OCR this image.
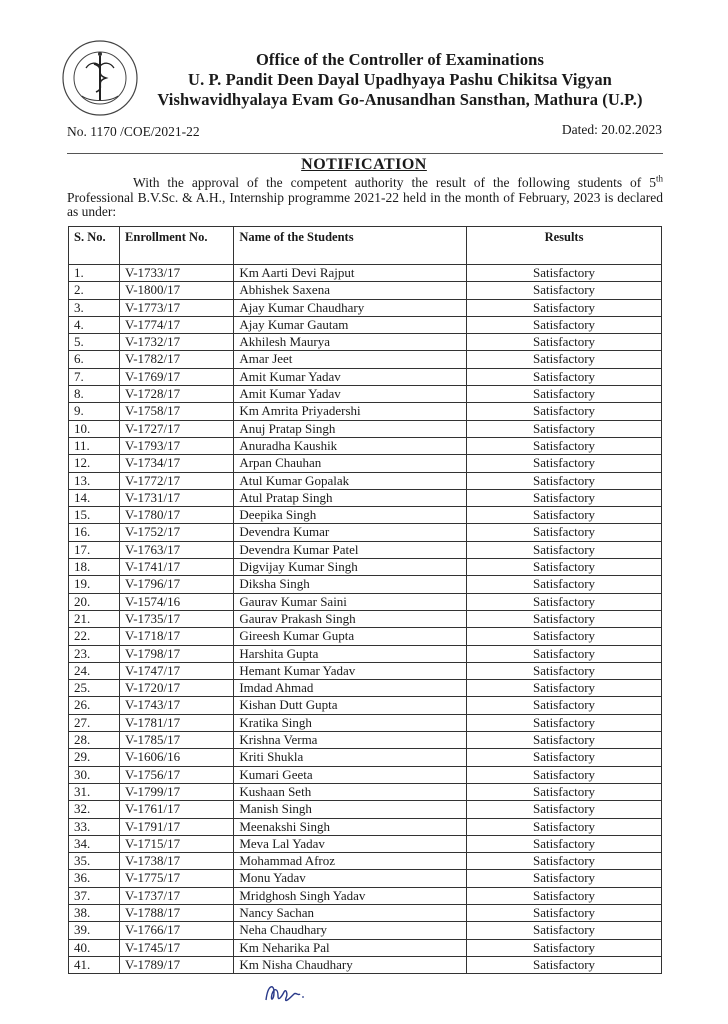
Office of the Controller of Examinations
U. P. Pandit Deen Dayal Upadhyaya Pashu Chikitsa Vigyan
Vishwavidhyalaya Evam Go-Anusandhan Sansthan, Mathura (U.P.)
No. 1170 /COE/2021-22	Dated: 20.02.2023
NOTIFICATION
With the approval of the competent authority the result of the following students of 5th Professional B.V.Sc. & A.H., Internship programme 2021-22 held in the month of February, 2023 is declared as under:
S. No.	Enrollment No.	Name of the Students	Results
1.	V-1733/17	Km Aarti Devi Rajput	Satisfactory
2.	V-1800/17	Abhishek Saxena	Satisfactory
3.	V-1773/17	Ajay Kumar Chaudhary	Satisfactory
4.	V-1774/17	Ajay Kumar Gautam	Satisfactory
5.	V-1732/17	Akhilesh Maurya	Satisfactory
6.	V-1782/17	Amar Jeet	Satisfactory
7.	V-1769/17	Amit Kumar Yadav	Satisfactory
8.	V-1728/17	Amit Kumar Yadav	Satisfactory
9.	V-1758/17	Km Amrita Priyadershi	Satisfactory
10.	V-1727/17	Anuj Pratap Singh	Satisfactory
11.	V-1793/17	Anuradha Kaushik	Satisfactory
12.	V-1734/17	Arpan Chauhan	Satisfactory
13.	V-1772/17	Atul Kumar Gopalak	Satisfactory
14.	V-1731/17	Atul Pratap Singh	Satisfactory
15.	V-1780/17	Deepika Singh	Satisfactory
16.	V-1752/17	Devendra Kumar	Satisfactory
17.	V-1763/17	Devendra Kumar Patel	Satisfactory
18.	V-1741/17	Digvijay Kumar Singh	Satisfactory
19.	V-1796/17	Diksha Singh	Satisfactory
20.	V-1574/16	Gaurav Kumar Saini	Satisfactory
21.	V-1735/17	Gaurav Prakash Singh	Satisfactory
22.	V-1718/17	Gireesh Kumar Gupta	Satisfactory
23.	V-1798/17	Harshita Gupta	Satisfactory
24.	V-1747/17	Hemant Kumar Yadav	Satisfactory
25.	V-1720/17	Imdad Ahmad	Satisfactory
26.	V-1743/17	Kishan Dutt Gupta	Satisfactory
27.	V-1781/17	Kratika Singh	Satisfactory
28.	V-1785/17	Krishna Verma	Satisfactory
29.	V-1606/16	Kriti Shukla	Satisfactory
30.	V-1756/17	Kumari Geeta	Satisfactory
31.	V-1799/17	Kushaan Seth	Satisfactory
32.	V-1761/17	Manish Singh	Satisfactory
33.	V-1791/17	Meenakshi Singh	Satisfactory
34.	V-1715/17	Meva Lal Yadav	Satisfactory
35.	V-1738/17	Mohammad Afroz	Satisfactory
36.	V-1775/17	Monu Yadav	Satisfactory
37.	V-1737/17	Mridghosh Singh Yadav	Satisfactory
38.	V-1788/17	Nancy Sachan	Satisfactory
39.	V-1766/17	Neha Chaudhary	Satisfactory
40.	V-1745/17	Km Neharika Pal	Satisfactory
41.	V-1789/17	Km Nisha Chaudhary	Satisfactory
